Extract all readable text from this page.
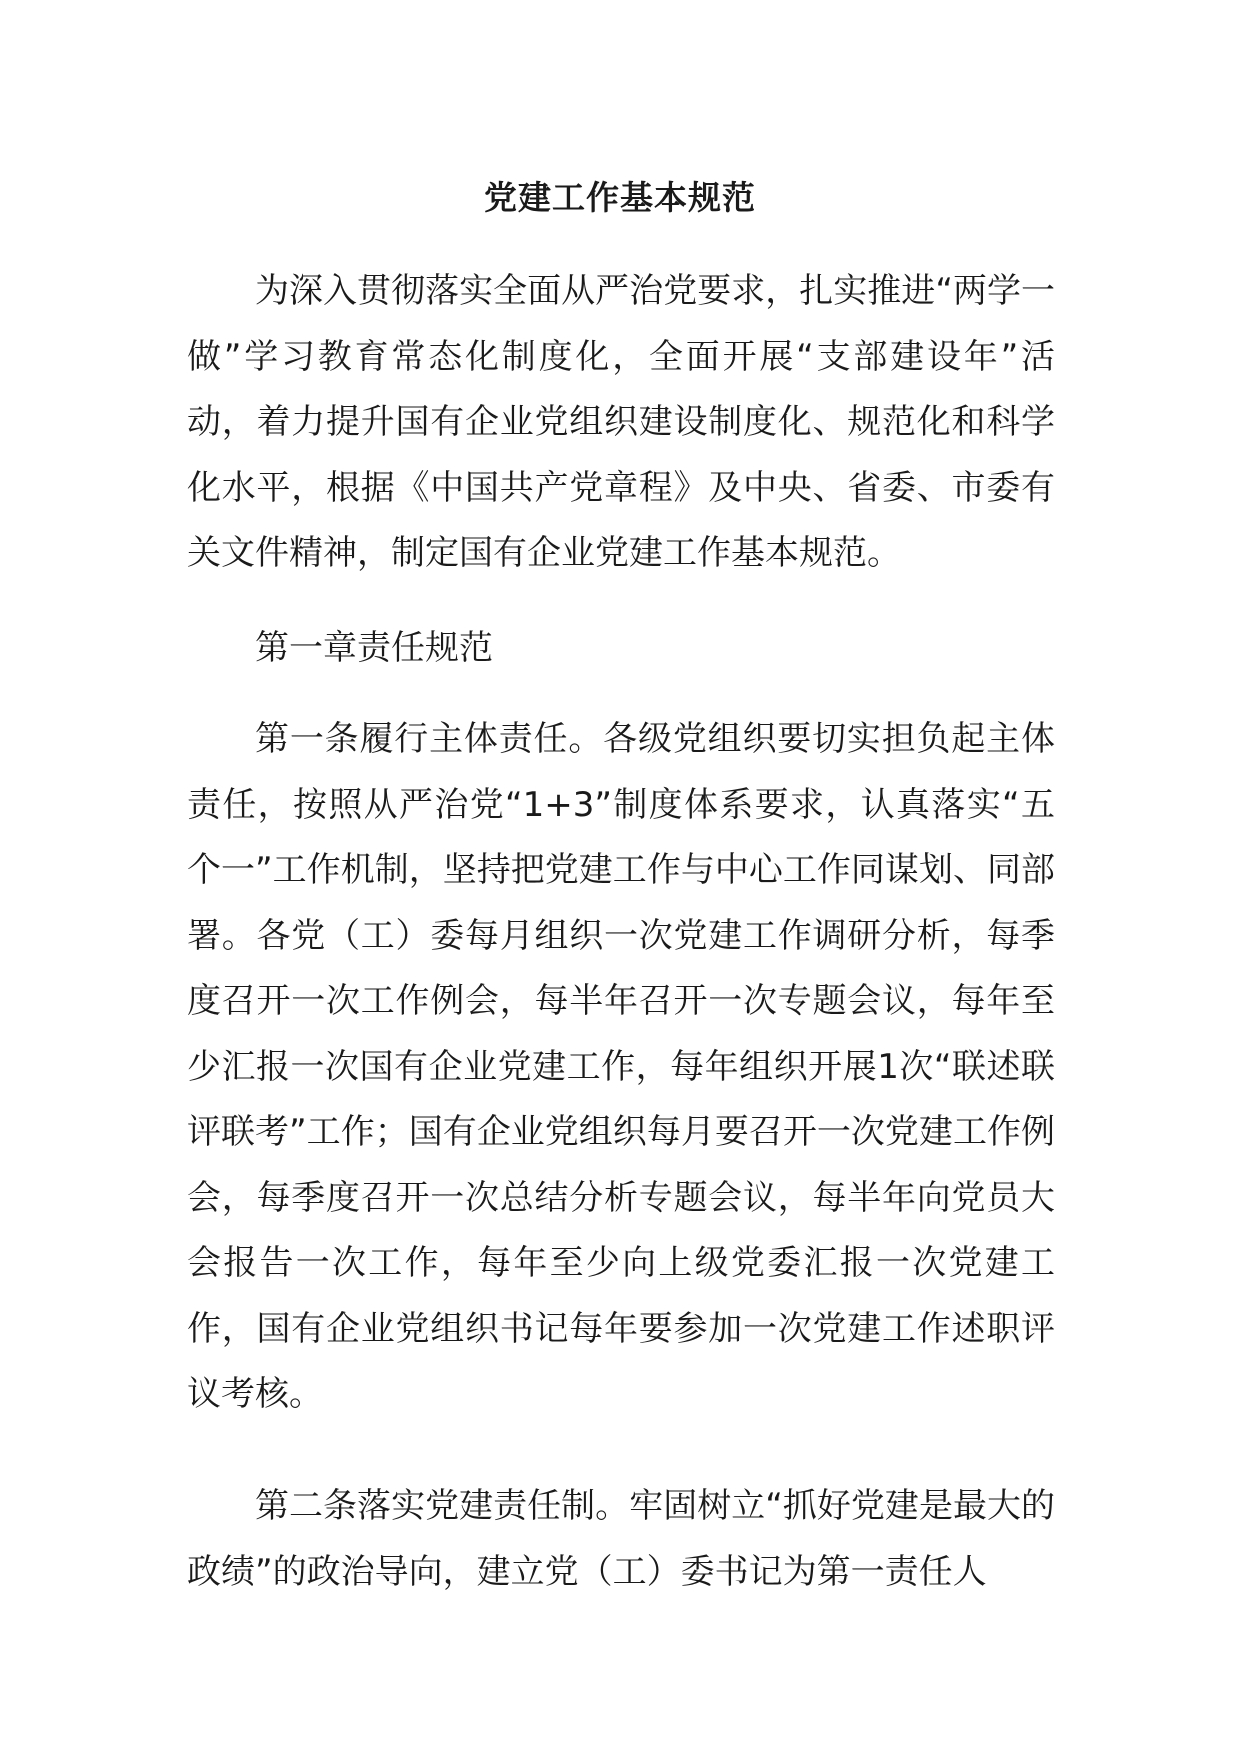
党建工作基本规范

为深入贯彻落实全面从严治党要求，扎实推进“两学一做”学习教育常态化制度化，全面开展“支部建设年”活动，着力提升国有企业党组织建设制度化、规范化和科学化水平，根据《中国共产党章程》及中央、省委、市委有关文件精神，制定国有企业党建工作基本规范。

第一章责任规范

第一条履行主体责任。各级党组织要切实担负起主体责任，按照从严治党“1+3”制度体系要求，认真落实“五个一”工作机制，坚持把党建工作与中心工作同谋划、同部署。各党（工）委每月组织一次党建工作调研分析，每季度召开一次工作例会，每半年召开一次专题会议，每年至少汇报一次国有企业党建工作，每年组织开展1次“联述联评联考”工作；国有企业党组织每月要召开一次党建工作例会，每季度召开一次总结分析专题会议，每半年向党员大会报告一次工作，每年至少向上级党委汇报一次党建工作，国有企业党组织书记每年要参加一次党建工作述职评议考核。

第二条落实党建责任制。牢固树立“抓好党建是最大的政绩”的政治导向，建立党（工）委书记为第一责任人
